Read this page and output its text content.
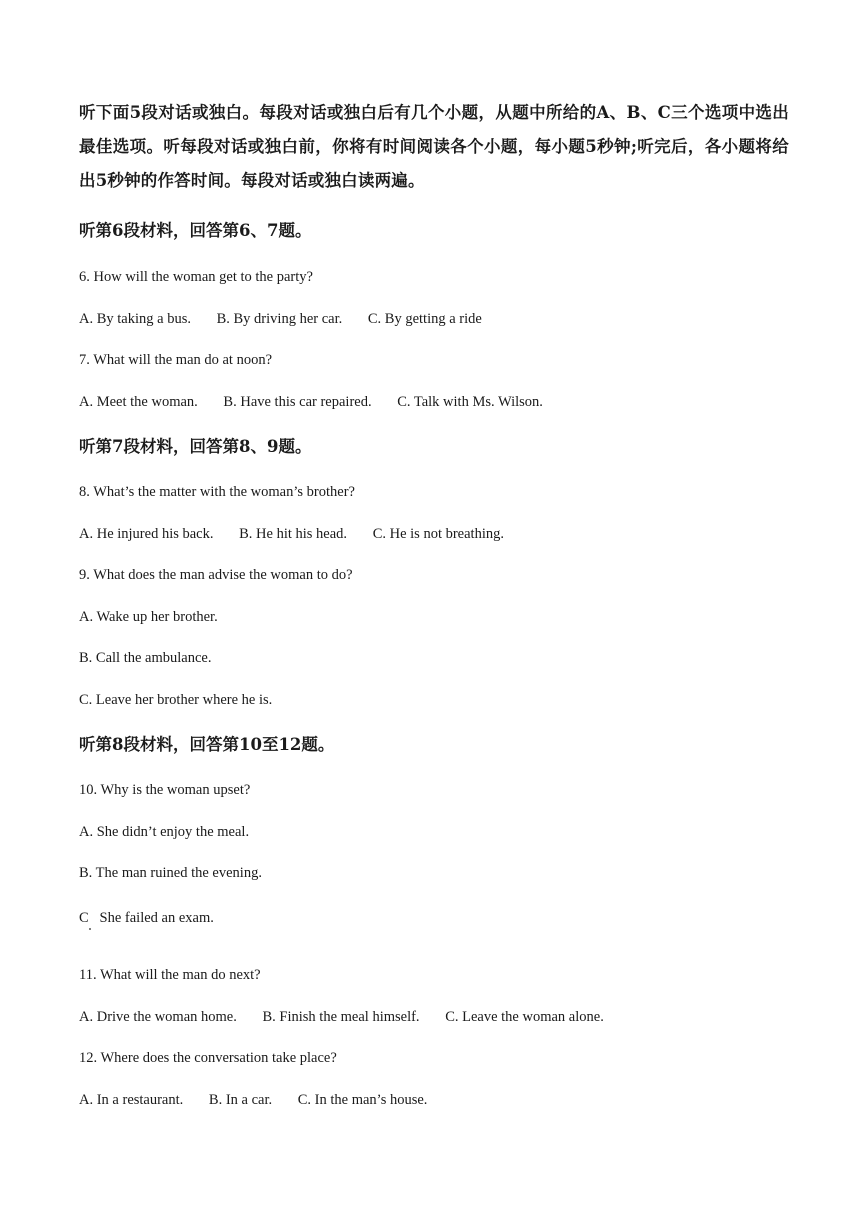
听下面5段对话或独白。每段对话或独白后有几个小题，从题中所给的A、B、C三个选项中选出最佳选项。听每段对话或独白前，你将有时间阅读各个小题，每小题5秒钟;听完后，各小题将给出5秒钟的作答时间。每段对话或独白读两遍。
听第6段材料，回答第6、7题。
6. How will the woman get to the party?
A. By taking a bus. B. By driving her car. C. By getting a ride
7. What will the man do at noon?
A. Meet the woman. B. Have this car repaired. C. Talk with Ms. Wilson.
听第7段材料，回答第8、9题。
8. What’s the matter with the woman’s brother?
A. He injured his back. B. He hit his head. C. He is not breathing.
9. What does the man advise the woman to do?
A. Wake up her brother.
B. Call the ambulance.
C. Leave her brother where he is.
听第8段材料，回答第10至12题。
10. Why is the woman upset?
A. She didn’t enjoy the meal.
B. The man ruined the evening.
C   She failed an exam.
11. What will the man do next?
A. Drive the woman home. B. Finish the meal himself. C. Leave the woman alone.
12. Where does the conversation take place?
A. In a restaurant. B. In a car. C. In the man’s house.
